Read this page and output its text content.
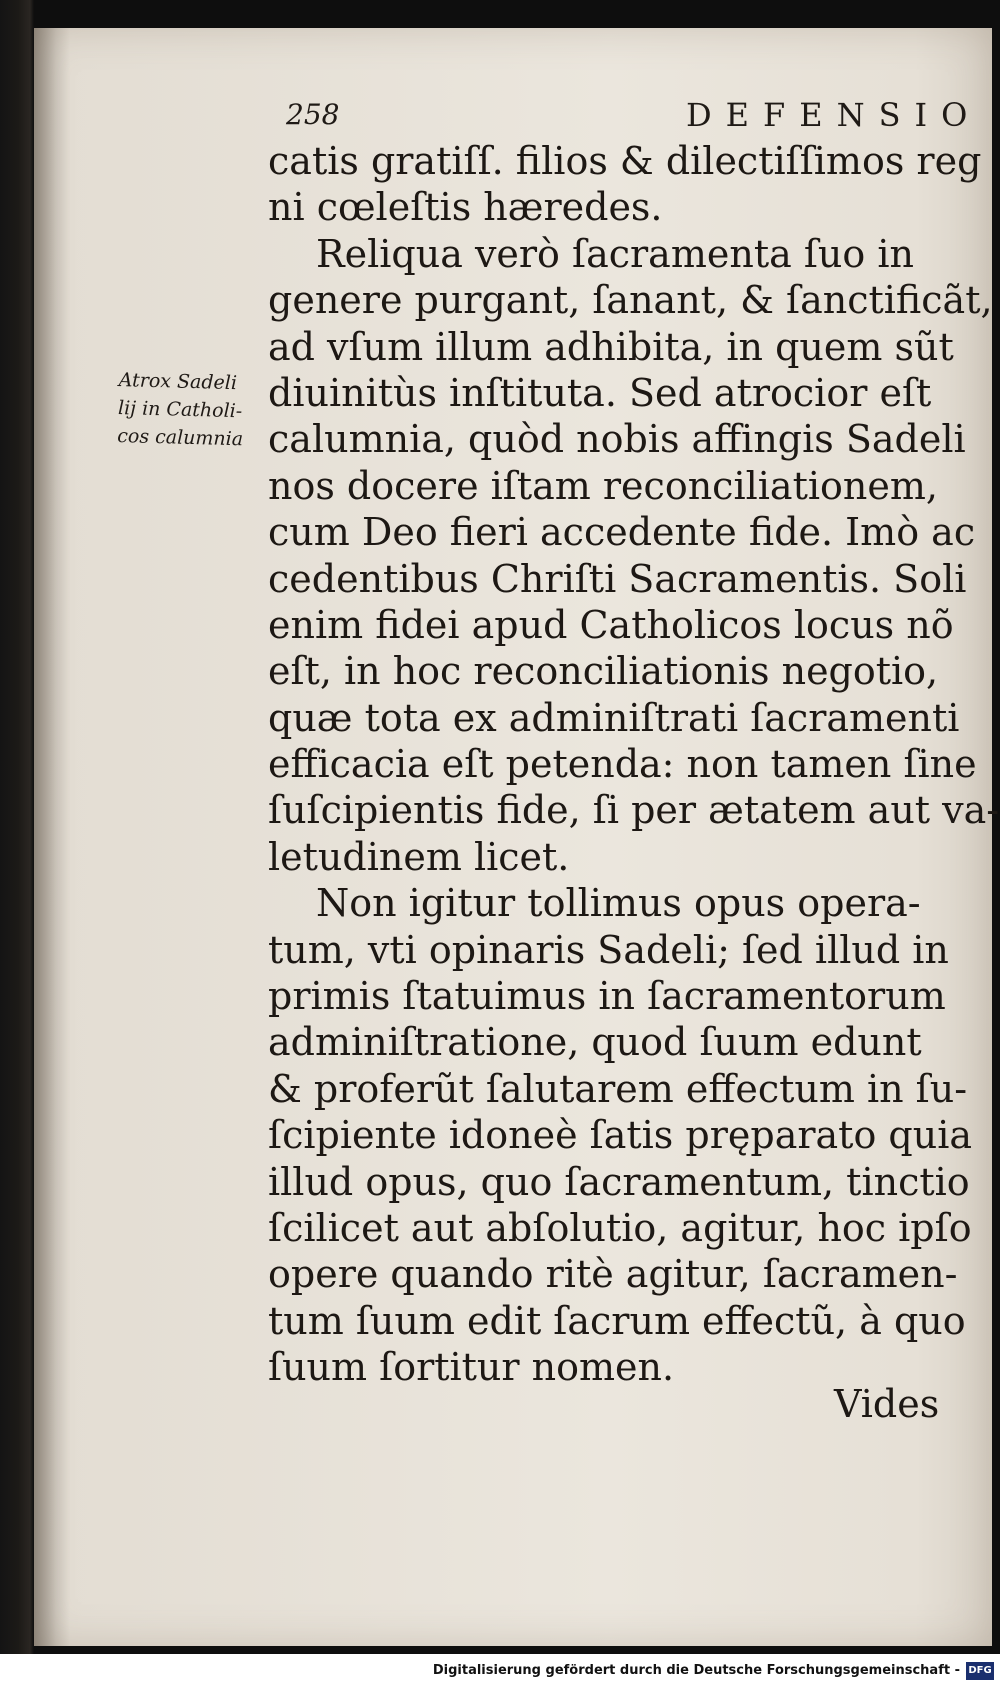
258	DEFENSIO
Atrox Sadeli
lij in Catholi-
cos calumnia
catis gratiſſ. filios & dilectiſſimos reg
ni cœleſtis hæredes.
Reliqua verò ſacramenta ſuo in
genere purgant, ſanant, & ſanctificãt,
ad vſum illum adhibita, in quem sũt
diuinitùs inſtituta. Sed atrocior eſt
calumnia, quòd nobis affingis Sadeli
nos docere iſtam reconciliationem,
cum Deo fieri accedente fide. Imò ac
cedentibus Chriſti Sacramentis. Soli
enim fidei apud Catholicos locus nõ
eſt, in hoc reconciliationis negotio,
quæ tota ex adminiſtrati ſacramenti
efficacia eſt petenda: non tamen ſine
ſuſcipientis fide, ſi per ætatem aut va-
letudinem licet.
Non igitur tollimus opus opera-
tum, vti opinaris Sadeli; ſed illud in
primis ſtatuimus in ſacramentorum
adminiſtratione, quod ſuum edunt
& proferũt ſalutarem effectum in ſu-
ſcipiente idoneè ſatis pręparato quia
illud opus, quo ſacramentum, tinctio
ſcilicet aut abſolutio, agitur, hoc ipſo
opere quando ritè agitur, ſacramen-
tum ſuum edit ſacrum effectũ, à quo
ſuum ſortitur nomen.
Vides
Digitalisierung gefördert durch die Deutsche Forschungsgemeinschaft - DFG
